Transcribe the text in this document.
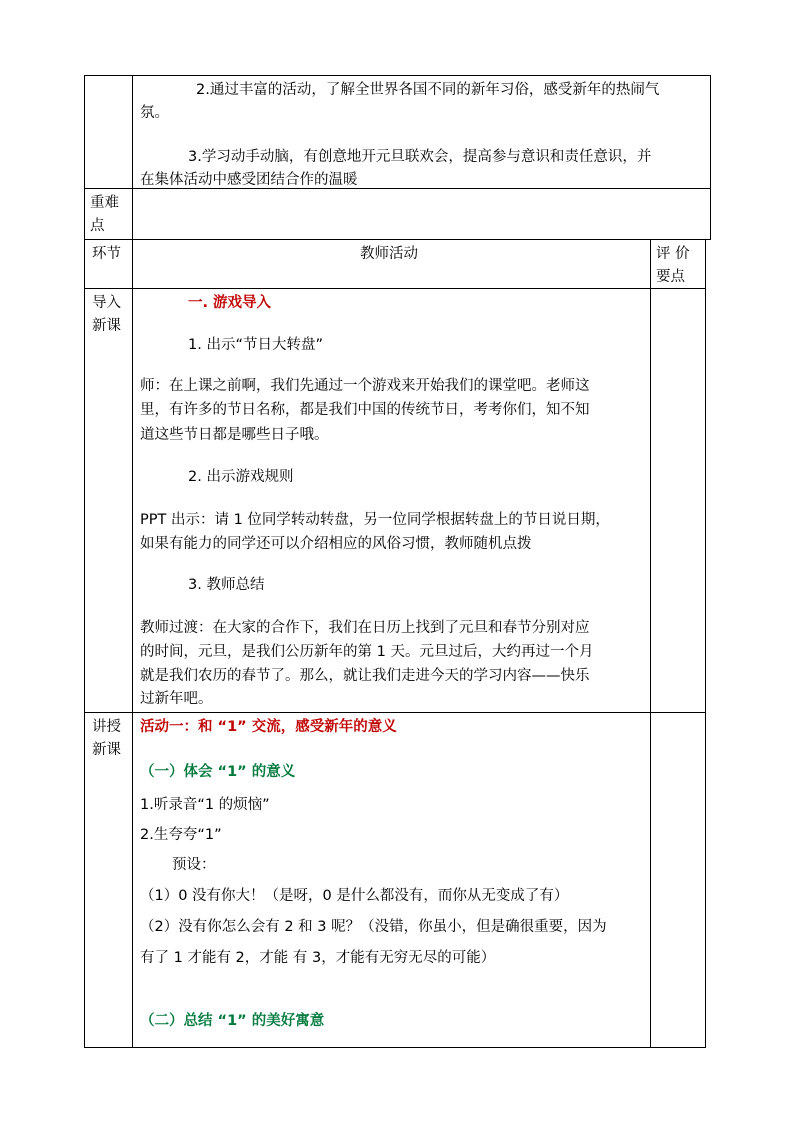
2.通过丰富的活动，了解全世界各国不同的新年习俗，感受新年的热闹气
氛。
3.学习动手动脑，有创意地开元旦联欢会，提高参与意识和责任意识，并
在集体活动中感受团结合作的温暖
重难
点
环节	教师活动	评 价
要点
导入
新课
一. 游戏导入
1. 出示“节日大转盘”
师：在上课之前啊，我们先通过一个游戏来开始我们的课堂吧。老师这
里，有许多的节日名称，都是我们中国的传统节日，考考你们，知不知
道这些节日都是哪些日子哦。
2. 出示游戏规则
PPT 出示：请 1 位同学转动转盘，另一位同学根据转盘上的节日说日期，
如果有能力的同学还可以介绍相应的风俗习惯，教师随机点拨
3. 教师总结
教师过渡：在大家的合作下，我们在日历上找到了元旦和春节分别对应
的时间，元旦，是我们公历新年的第 1 天。元旦过后，大约再过一个月
就是我们农历的春节了。那么，就让我们走进今天的学习内容——快乐
过新年吧。
讲授
新课
活动一：和 “1” 交流，感受新年的意义
（一）体会 “1” 的意义
1.听录音“1 的烦恼”
2.生夸夸“1”
预设：
（1）0 没有你大！（是呀，0 是什么都没有，而你从无变成了有）
（2）没有你怎么会有 2 和 3 呢？（没错，你虽小，但是确很重要，因为
有了 1 才能有 2，才能 有 3，才能有无穷无尽的可能）
（二）总结 “1” 的美好寓意
